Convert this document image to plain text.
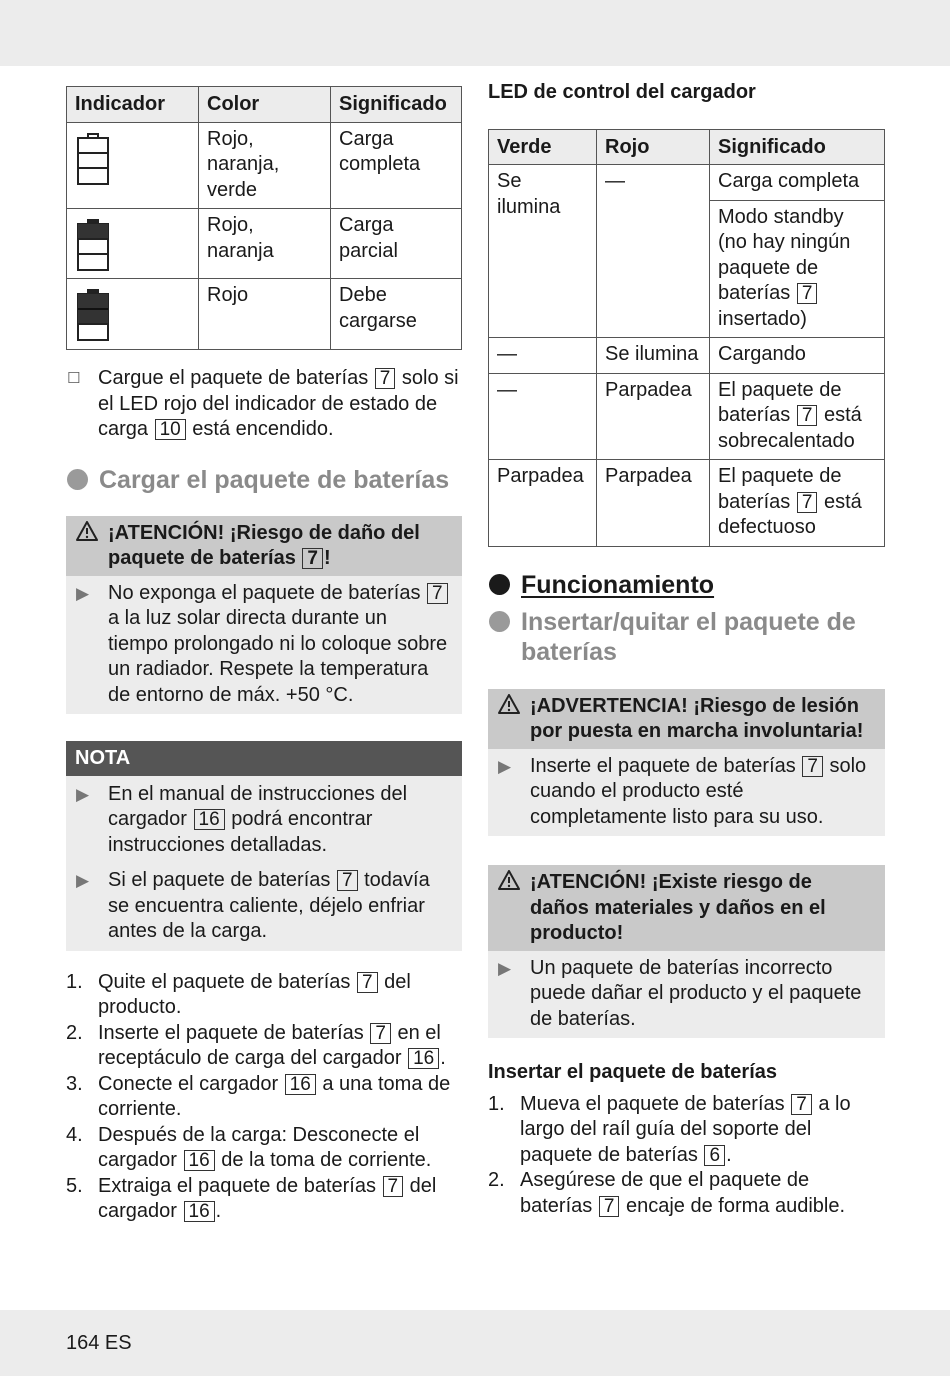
Indicador	Color	Significado

	Rojo, naranja, verde	Carga completa

	Rojo, naranja	Carga parcial

	Rojo	Debe cargarse
☐ Cargue el paquete de baterías 7 solo si el LED rojo del indicador de estado de carga 10 está encendido.
Cargar el paquete de baterías
¡ATENCIÓN! ¡Riesgo de daño del paquete de baterías 7 !
▶ No exponga el paquete de baterías 7 a la luz solar directa durante un tiempo prolongado ni lo coloque sobre un radiador. Respete la temperatura de entorno de máx. +50 °C.
NOTA
▶ En el manual de instrucciones del cargador 16 podrá encontrar instrucciones detalladas.
▶ Si el paquete de baterías 7 todavía se encuentra caliente, déjelo enfriar antes de la carga.
1. Quite el paquete de baterías 7 del producto.
2. Inserte el paquete de baterías 7 en el receptáculo de carga del cargador 16 .
3. Conecte el cargador 16 a una toma de corriente.
4. Después de la carga: Desconecte el cargador 16 de la toma de corriente.
5. Extraiga el paquete de baterías 7 del cargador 16 .
LED de control del cargador
Verde	Rojo	Significado
Se ilumina	—	Carga completa
		Modo standby (no hay ningún paquete de baterías 7 insertado)
—	Se ilumina	Cargando
—	Parpadea	El paquete de baterías 7 está sobrecalentado
Parpadea	Parpadea	El paquete de baterías 7 está defectuoso
Funcionamiento
Insertar/quitar el paquete de baterías
¡ADVERTENCIA! ¡Riesgo de lesión por puesta en marcha involuntaria!
▶ Inserte el paquete de baterías 7 solo cuando el producto esté completamente listo para su uso.
¡ATENCIÓN! ¡Existe riesgo de daños materiales y daños en el producto!
▶ Un paquete de baterías incorrecto puede dañar el producto y el paquete de baterías.
Insertar el paquete de baterías
1. Mueva el paquete de baterías 7 a lo largo del raíl guía del soporte del paquete de baterías 6 .
2. Asegúrese de que el paquete de baterías 7 encaje de forma audible.
164 ES
